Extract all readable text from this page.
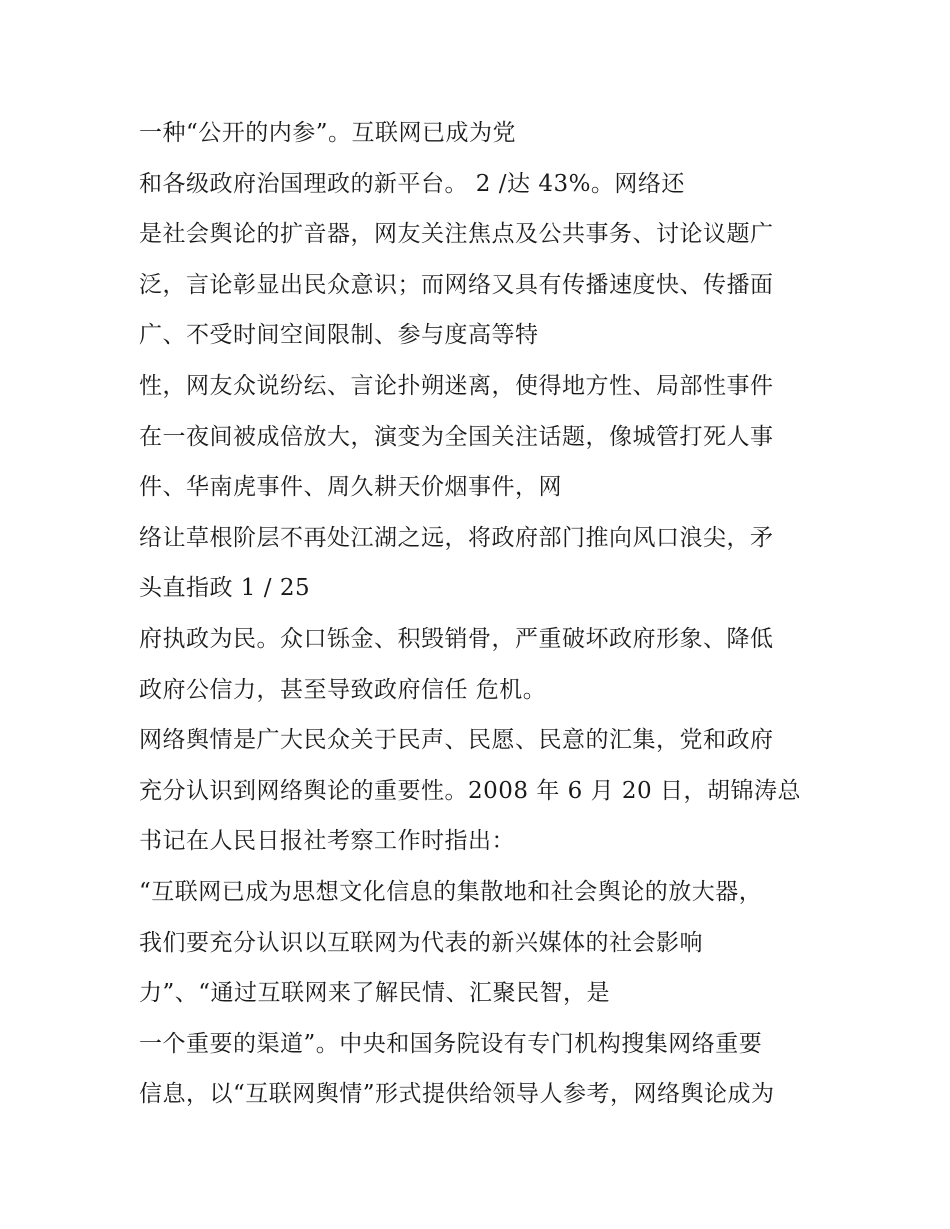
一种“公开的内参”。互联网已成为党
和各级政府治国理政的新平台。 2 /达 43%。网络还
是社会舆论的扩音器，网友关注焦点及公共事务、讨论议题广
泛，言论彰显出民众意识；而网络又具有传播速度快、传播面
广、不受时间空间限制、参与度高等特
性，网友众说纷纭、言论扑朔迷离，使得地方性、局部性事件
在一夜间被成倍放大，演变为全国关注话题，像城管打死人事
件、华南虎事件、周久耕天价烟事件，网
络让草根阶层不再处江湖之远，将政府部门推向风口浪尖，矛
头直指政 1 / 25
府执政为民。众口铄金、积毁销骨，严重破坏政府形象、降低
政府公信力，甚至导致政府信任 危机。
网络舆情是广大民众关于民声、民愿、民意的汇集，党和政府
充分认识到网络舆论的重要性。2008 年 6 月 20 日，胡锦涛总
书记在人民日报社考察工作时指出：
“互联网已成为思想文化信息的集散地和社会舆论的放大器，
我们要充分认识以互联网为代表的新兴媒体的社会影响
力”、“通过互联网来了解民情、汇聚民智，是
一个重要的渠道”。中央和国务院设有专门机构搜集网络重要
信息，以“互联网舆情”形式提供给领导人参考，网络舆论成为
